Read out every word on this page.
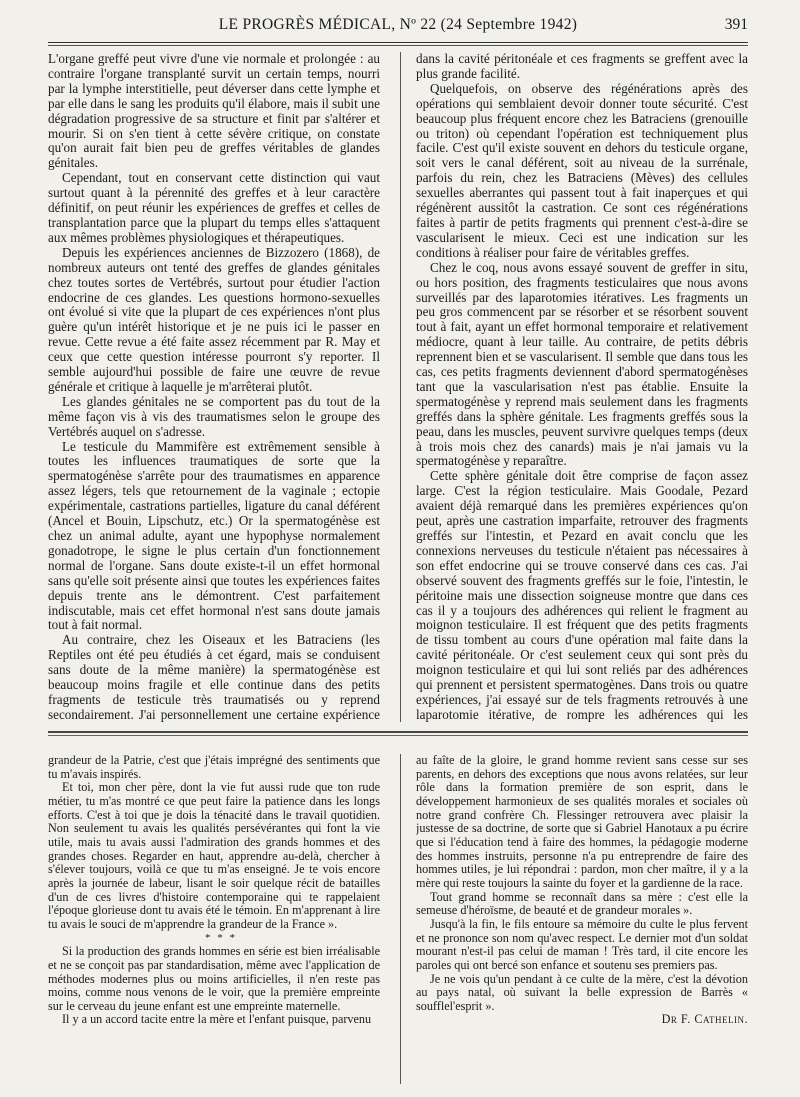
LE PROGRÈS MÉDICAL, Nº 22 (24 Septembre 1942)	391

L'organe greffé peut vivre d'une vie normale et prolongée : au contraire l'organe transplanté survit un certain temps, nourri par la lymphe interstitielle, peut déverser dans cette lymphe et par elle dans le sang les produits qu'il élabore, mais il subit une dégradation progressive de sa structure et finit par s'altérer et mourir. Si on s'en tient à cette sévère critique, on constate qu'on aurait fait bien peu de greffes véritables de glandes génitales.

Cependant, tout en conservant cette distinction qui vaut surtout quant à la pérennité des greffes et à leur caractère définitif, on peut réunir les expériences de greffes et celles de transplantation parce que la plupart du temps elles s'attaquent aux mêmes problèmes physiologiques et thérapeutiques.

Depuis les expériences anciennes de Bizzozero (1868), de nombreux auteurs ont tenté des greffes de glandes génitales chez toutes sortes de Vertébrés, surtout pour étudier l'action endocrine de ces glandes. Les questions hormono-sexuelles ont évolué si vite que la plupart de ces expériences n'ont plus guère qu'un intérêt historique et je ne puis ici le passer en revue. Cette revue a été faite assez récemment par R. May et ceux que cette question intéresse pourront s'y reporter. Il semble aujourd'hui possible de faire une œuvre de revue générale et critique à laquelle je m'arrêterai plutôt.

Les glandes génitales ne se comportent pas du tout de la même façon vis à vis des traumatismes selon le groupe des Vertébrés auquel on s'adresse.

Le testicule du Mammifère est extrêmement sensible à toutes les influences traumatiques de sorte que la spermatogénèse s'arrête pour des traumatismes en apparence assez légers, tels que retournement de la vaginale ; ectopie expérimentale, castrations partielles, ligature du canal déférent (Ancel et Bouin, Lipschutz, etc.) Or la spermatogénèse est chez un animal adulte, ayant une hypophyse normalement gonadotrope, le signe le plus certain d'un fonctionnement normal de l'organe. Sans doute existe-t-il un effet hormonal sans qu'elle soit présente ainsi que toutes les expériences faites depuis trente ans le démontrent. C'est parfaitement indiscutable, mais cet effet hormonal n'est sans doute jamais tout à fait normal.

Au contraire, chez les Oiseaux et les Batraciens (les Reptiles ont été peu étudiés à cet égard, mais se conduisent sans doute de la même manière) la spermatogénèse est beaucoup moins fragile et elle continue dans des petits fragments de testicule très traumatisés ou y reprend secondairement. J'ai personnellement une certaine expérience

dans la cavité péritonéale et ces fragments se greffent avec la plus grande facilité.

Quelquefois, on observe des régénérations après des opérations qui semblaient devoir donner toute sécurité. C'est beaucoup plus fréquent encore chez les Batraciens (grenouille ou triton) où cependant l'opération est techniquement plus facile. C'est qu'il existe souvent en dehors du testicule organe, soit vers le canal déférent, soit au niveau de la surrénale, parfois du rein, chez les Batraciens (Mèves) des cellules sexuelles aberrantes qui passent tout à fait inaperçues et qui régénèrent aussitôt la castration. Ce sont ces régénérations faites à partir de petits fragments qui prennent c'est-à-dire se vascularisent le mieux. Ceci est une indication sur les conditions à réaliser pour faire de véritables greffes.

Chez le coq, nous avons essayé souvent de greffer in situ, ou hors position, des fragments testiculaires que nous avons surveillés par des laparotomies itératives. Les fragments un peu gros commencent par se résorber et se résorbent souvent tout à fait, ayant un effet hormonal temporaire et relativement médiocre, quant à leur taille. Au contraire, de petits débris reprennent bien et se vascularisent. Il semble que dans tous les cas, ces petits fragments deviennent d'abord spermatogénèses tant que la vascularisation n'est pas établie. Ensuite la spermatogénèse y reprend mais seulement dans les fragments greffés dans la sphère génitale. Les fragments greffés sous la peau, dans les muscles, peuvent survivre quelques temps (deux à trois mois chez des canards) mais je n'ai jamais vu la spermatogénèse y reparaître.

Cette sphère génitale doit être comprise de façon assez large. C'est la région testiculaire. Mais Goodale, Pezard avaient déjà remarqué dans les premières expériences qu'on peut, après une castration imparfaite, retrouver des fragments greffés sur l'intestin, et Pezard en avait conclu que les connexions nerveuses du testicule n'étaient pas nécessaires à son effet endocrine qui se trouve conservé dans ces cas. J'ai observé souvent des fragments greffés sur le foie, l'intestin, le péritoine mais une dissection soigneuse montre que dans ces cas il y a toujours des adhérences qui relient le fragment au moignon testiculaire. Il est fréquent que des petits fragments de tissu tombent au cours d'une opération mal faite dans la cavité péritonéale. Or c'est seulement ceux qui sont près du moignon testiculaire et qui lui sont reliés par des adhérences qui prennent et persistent spermatogènes. Dans trois ou quatre expériences, j'ai essayé sur de tels fragments retrouvés à une laparotomie itérative, de rompre les adhérences qui les

grandeur de la Patrie, c'est que j'étais imprégné des sentiments que tu m'avais inspirés.

Et toi, mon cher père, dont la vie fut aussi rude que ton rude métier, tu m'as montré ce que peut faire la patience dans les longs efforts. C'est à toi que je dois la ténacité dans le travail quotidien. Non seulement tu avais les qualités persévérantes qui font la vie utile, mais tu avais aussi l'admiration des grands hommes et des grandes choses. Regarder en haut, apprendre au-delà, chercher à s'élever toujours, voilà ce que tu m'as enseigné. Je te vois encore après la journée de labeur, lisant le soir quelque récit de batailles d'un de ces livres d'histoire contemporaine qui te rappelaient l'époque glorieuse dont tu avais été le témoin. En m'apprenant à lire tu avais le souci de m'apprendre la grandeur de la France ».

* * *

Si la production des grands hommes en série est bien irréalisable et ne se conçoit pas par standardisation, même avec l'application de méthodes modernes plus ou moins artificielles, il n'en reste pas moins, comme nous venons de le voir, que la première empreinte sur le cerveau du jeune enfant est une empreinte maternelle.

Il y a un accord tacite entre la mère et l'enfant puisque, parvenu

au faîte de la gloire, le grand homme revient sans cesse sur ses parents, en dehors des exceptions que nous avons relatées, sur leur rôle dans la formation première de son esprit, dans le développement harmonieux de ses qualités morales et sociales où notre grand confrère Ch. Flessinger retrouvera avec plaisir la justesse de sa doctrine, de sorte que si Gabriel Hanotaux a pu écrire que si l'éducation tend à faire des hommes, la pédagogie moderne des hommes instruits, personne n'a pu entreprendre de faire des hommes utiles, je lui répondrai : pardon, mon cher maître, il y a la mère qui reste toujours la sainte du foyer et la gardienne de la race.

Tout grand homme se reconnaît dans sa mère : c'est elle la semeuse d'héroïsme, de beauté et de grandeur morales ».

Jusqu'à la fin, le fils entoure sa mémoire du culte le plus fervent et ne prononce son nom qu'avec respect. Le dernier mot d'un soldat mourant n'est-il pas celui de maman ! Très tard, il cite encore les paroles qui ont bercé son enfance et soutenu ses premiers pas.

Je ne vois qu'un pendant à ce culte de la mère, c'est la dévotion au pays natal, où suivant la belle expression de Barrès « soufflel'esprit ».

Dr F. Cathelin.
